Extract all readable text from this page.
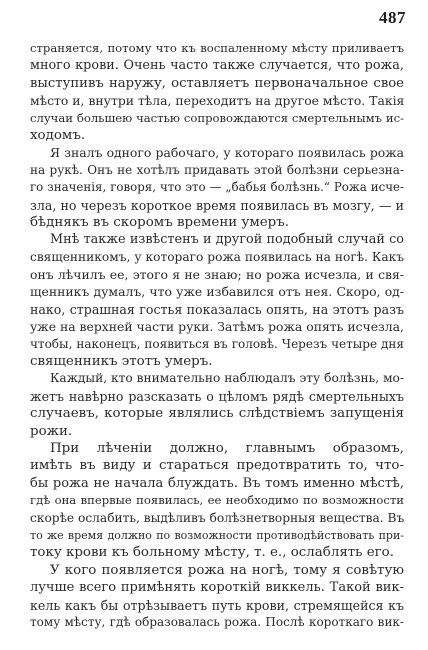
487
страняется, потому что къ воспаленному мѣсту приливаетъ
много крови. Очень часто также случается, что рожа,
выступивъ наружу, оставляетъ первоначальное свое
мѣсто и, внутри тѣла, переходитъ на другое мѣсто. Такія
случаи большею частью сопровождаются смертельнымъ ис-
ходомъ.
Я зналъ одного рабочаго, у котораго появилась рожа
на рукѣ. Онъ не хотѣлъ придавать этой болѣзни серьезна-
го значенія, говоря, что это — „бабья болѣзнь.“ Рожа исче-
зла, но черезъ короткое время появилась въ мозгу, — и
бѣднякъ въ скоромъ времени умеръ.
Мнѣ также извѣстенъ и другой подобный случай со
священникомъ, у котораго рожа появилась на ногѣ. Какъ
онъ лѣчилъ ее, этого я не знаю; но рожа исчезла, и свя-
щенникъ думалъ, что уже избавился отъ нея. Скоро, од-
нако, страшная гостья показалась опять, на этотъ разъ
уже на верхней части руки. Затѣмъ рожа опять исчезла,
чтобы, наконецъ, появиться въ головѣ. Черезъ четыре дня
священникъ этотъ умеръ.
Каждый, кто внимательно наблюдалъ эту болѣзнь, мо-
жетъ навѣрно разсказать о цѣломъ рядѣ смертельныхъ
случаевъ, которые являлись слѣдствіемъ запущенія
рожи.
При лѣченіи должно, главнымъ образомъ,
имѣть въ виду и стараться предотвратить то, что-
бы рожа не начала блуждать. Въ томъ именно мѣстѣ,
гдѣ она впервые появилась, ее необходимо по возможности
скорѣе ослабить, выдѣливъ болѣзнетворныя вещества. Въ
то же время должно по возможности противодѣйствовать при-
току крови къ больному мѣсту, т. е., ослаблять его.
У кого появляется рожа на ногѣ, тому я совѣтую
лучше всего примѣнять короткій виккель. Такой вик-
кель какъ бы отрѣзываетъ путь крови, стремящейся къ
тому мѣсту, гдѣ образовалась рожа. Послѣ короткаго вик-
